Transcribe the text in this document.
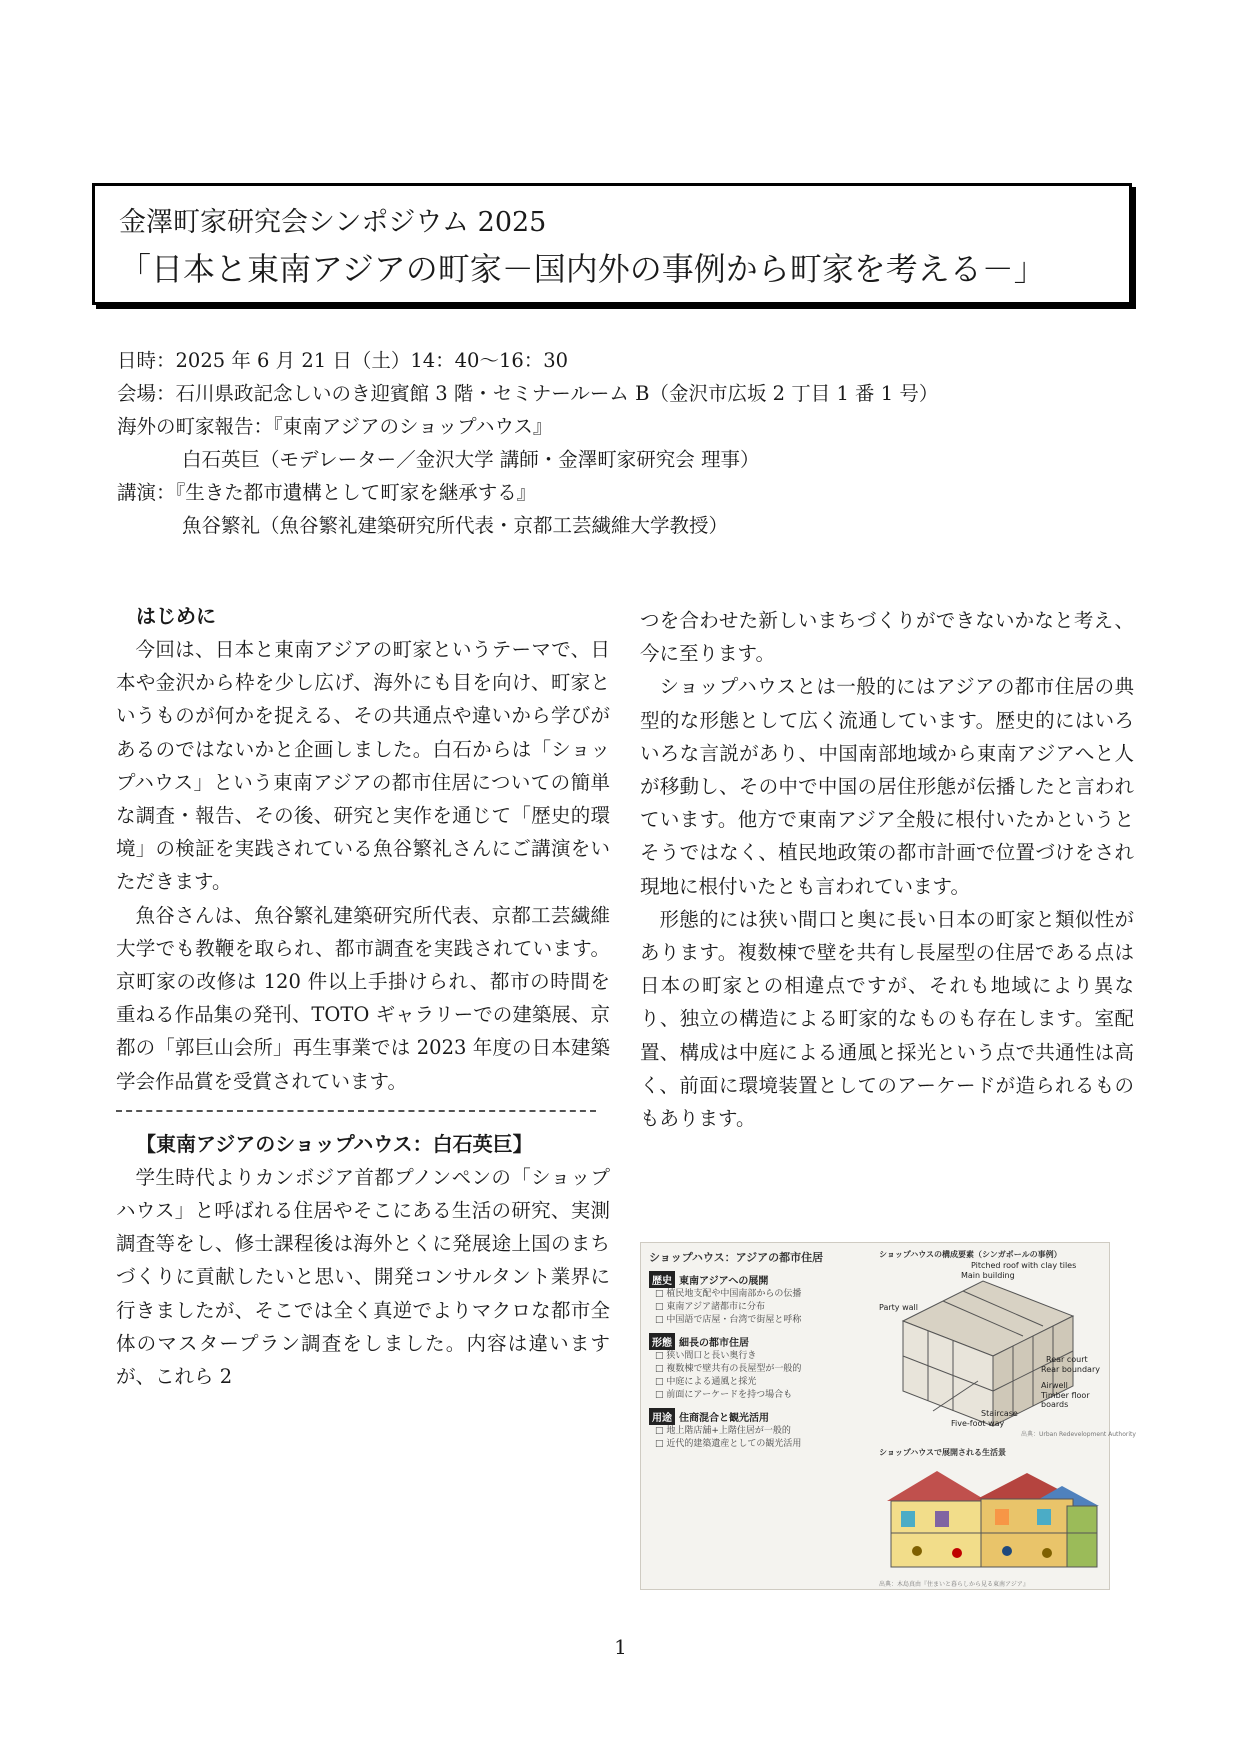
金澤町家研究会シンポジウム 2025
「日本と東南アジアの町家－国内外の事例から町家を考える－」
日時：2025 年 6 月 21 日（土）14：40～16：30
会場：石川県政記念しいのき迎賓館 3 階・セミナールーム B（金沢市広坂 2 丁目 1 番 1 号）
海外の町家報告：『東南アジアのショップハウス』
白石英巨（モデレーター／金沢大学 講師・金澤町家研究会 理事）
講演：『生きた都市遺構として町家を継承する』
魚谷繁礼（魚谷繁礼建築研究所代表・京都工芸繊維大学教授）

はじめに

今回は、日本と東南アジアの町家というテーマで、日本や金沢から枠を少し広げ、海外にも目を向け、町家というものが何かを捉える、その共通点や違いから学びがあるのではないかと企画しました。白石からは「ショップハウス」という東南アジアの都市住居についての簡単な調査・報告、その後、研究と実作を通じて「歴史的環境」の検証を実践されている魚谷繁礼さんにご講演をいただきます。

魚谷さんは、魚谷繁礼建築研究所代表、京都工芸繊維大学でも教鞭を取られ、都市調査を実践されています。京町家の改修は 120 件以上手掛けられ、都市の時間を重ねる作品集の発刊、TOTO ギャラリーでの建築展、京都の「郭巨山会所」再生事業では 2023 年度の日本建築学会作品賞を受賞されています。

【東南アジアのショップハウス：白石英巨】

学生時代よりカンボジア首都プノンペンの「ショップハウス」と呼ばれる住居やそこにある生活の研究、実測調査等をし、修士課程後は海外とくに発展途上国のまちづくりに貢献したいと思い、開発コンサルタント業界に行きましたが、そこでは全く真逆でよりマクロな都市全体のマスタープラン調査をしました。内容は違いますが、これら 2

つを合わせた新しいまちづくりができないかなと考え、今に至ります。

ショップハウスとは一般的にはアジアの都市住居の典型的な形態として広く流通しています。歴史的にはいろいろな言説があり、中国南部地域から東南アジアへと人が移動し、その中で中国の居住形態が伝播したと言われています。他方で東南アジア全般に根付いたかというとそうではなく、植民地政策の都市計画で位置づけをされ現地に根付いたとも言われています。

形態的には狭い間口と奥に長い日本の町家と類似性があります。複数棟で壁を共有し長屋型の住居である点は日本の町家との相違点ですが、それも地域により異なり、独立の構造による町家的なものも存在します。室配置、構成は中庭による通風と採光という点で共通性は高く、前面に環境装置としてのアーケードが造られるものもあります。

ショップハウス：アジアの都市住居
歴史 東南アジアへの展開
□ 植民地支配や中国南部からの伝播
□ 東南アジア諸都市に分布
□ 中国語で店屋・台湾で街屋と呼称
形態 細長の都市住居
□ 狭い間口と長い奥行き
□ 複数棟で壁共有の長屋型が一般的
□ 中庭による通風と採光
□ 前面にアーケードを持つ場合も
用途 住商混合と観光活用
□ 地上階店舗+上階住居が一般的
□ 近代的建築遺産としての観光活用
ショップハウスの構成要素（シンガポールの事例）
Pitched roof with clay tiles
Main building
Party wall
Rear court
Rear boundary
Airwell
Timber floor boards
Staircase
Five-foot way
出典：Urban Redevelopment Authority
ショップハウスで展開される生活景
出典：木島真由『住まいと暮らしから見る東南アジア』
1
